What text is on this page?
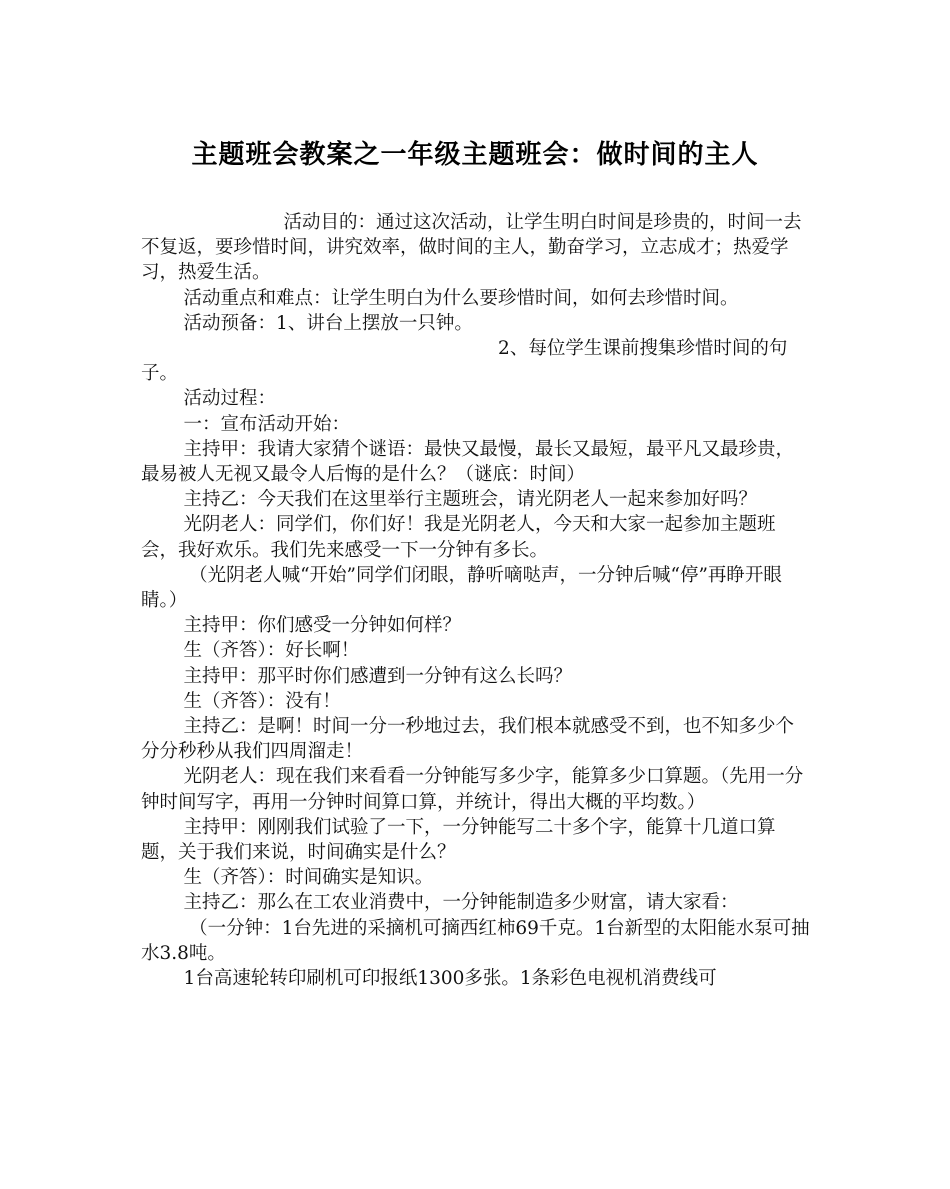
主题班会教案之一年级主题班会：做时间的主人

活动目的：通过这次活动，让学生明白时间是珍贵的，时间一去不复返，要珍惜时间，讲究效率，做时间的主人，勤奋学习，立志成才；热爱学习，热爱生活。

活动重点和难点：让学生明白为什么要珍惜时间，如何去珍惜时间。

活动预备：1、讲台上摆放一只钟。

2、每位学生课前搜集珍惜时间的句子。

活动过程：

一：宣布活动开始：

主持甲：我请大家猜个谜语：最快又最慢，最长又最短，最平凡又最珍贵，最易被人无视又最令人后悔的是什么？（谜底：时间）

主持乙：今天我们在这里举行主题班会，请光阴老人一起来参加好吗？

光阴老人：同学们，你们好！我是光阴老人，今天和大家一起参加主题班会，我好欢乐。我们先来感受一下一分钟有多长。

（光阴老人喊“开始”同学们闭眼，静听嘀哒声，一分钟后喊“停”再睁开眼睛。）

主持甲：你们感受一分钟如何样？

生（齐答）：好长啊！

主持甲：那平时你们感遭到一分钟有这么长吗？

生（齐答）：没有！

主持乙：是啊！时间一分一秒地过去，我们根本就感受不到，也不知多少个分分秒秒从我们四周溜走！

光阴老人：现在我们来看看一分钟能写多少字，能算多少口算题。（先用一分钟时间写字，再用一分钟时间算口算，并统计，得出大概的平均数。）

主持甲：刚刚我们试验了一下，一分钟能写二十多个字，能算十几道口算题，关于我们来说，时间确实是什么？

生（齐答）：时间确实是知识。

主持乙：那么在工农业消费中，一分钟能制造多少财富，请大家看：

（一分钟：1台先进的采摘机可摘西红柿69千克。1台新型的太阳能水泵可抽水3.8吨。

1台高速轮转印刷机可印报纸1300多张。1条彩色电视机消费线可
